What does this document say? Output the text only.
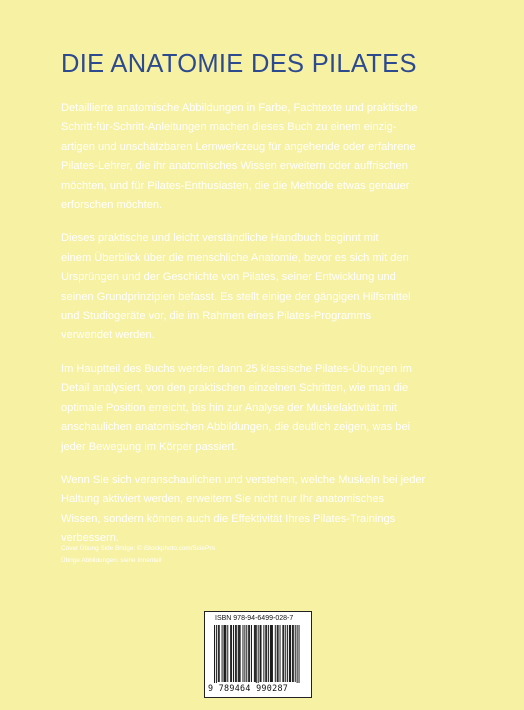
DIE ANATOMIE DES PILATES

Detaillierte anatomische Abbildungen in Farbe, Fachtexte und praktische
Schritt-für-Schritt-Anleitungen machen dieses Buch zu einem einzig-
artigen und unschätzbaren Lernwerkzeug für angehende oder erfahrene
Pilates-Lehrer, die ihr anatomisches Wissen erweitern oder auffrischen
möchten, und für Pilates-Enthusiasten, die die Methode etwas genauer
erforschen möchten.

Dieses praktische und leicht verständliche Handbuch beginnt mit
einem Überblick über die menschliche Anatomie, bevor es sich mit den
Ursprüngen und der Geschichte von Pilates, seiner Entwicklung und
seinen Grundprinzipien befasst. Es stellt einige der gängigen Hilfsmittel
und Studiogeräte vor, die im Rahmen eines Pilates-Programms
verwendet werden.

Im Hauptteil des Buchs werden dann 25 klassische Pilates-Übungen im
Detail analysiert, von den praktischen einzelnen Schritten, wie man die
optimale Position erreicht, bis hin zur Analyse der Muskelaktivität mit
anschaulichen anatomischen Abbildungen, die deutlich zeigen, was bei
jeder Bewegung im Körper passiert.

Wenn Sie sich veranschaulichen und verstehen, welche Muskeln bei jeder
Haltung aktiviert werden, erweitern Sie nicht nur Ihr anatomisches
Wissen, sondern können auch die Effektivität Ihres Pilates-Trainings
verbessern.

Cover Übung Side Bridge: © iStockphoto.com/SciePro
Übrige Abbildungen: siehe Innenteil
ISBN 978-94-6499-028-7
9 789464 990287
